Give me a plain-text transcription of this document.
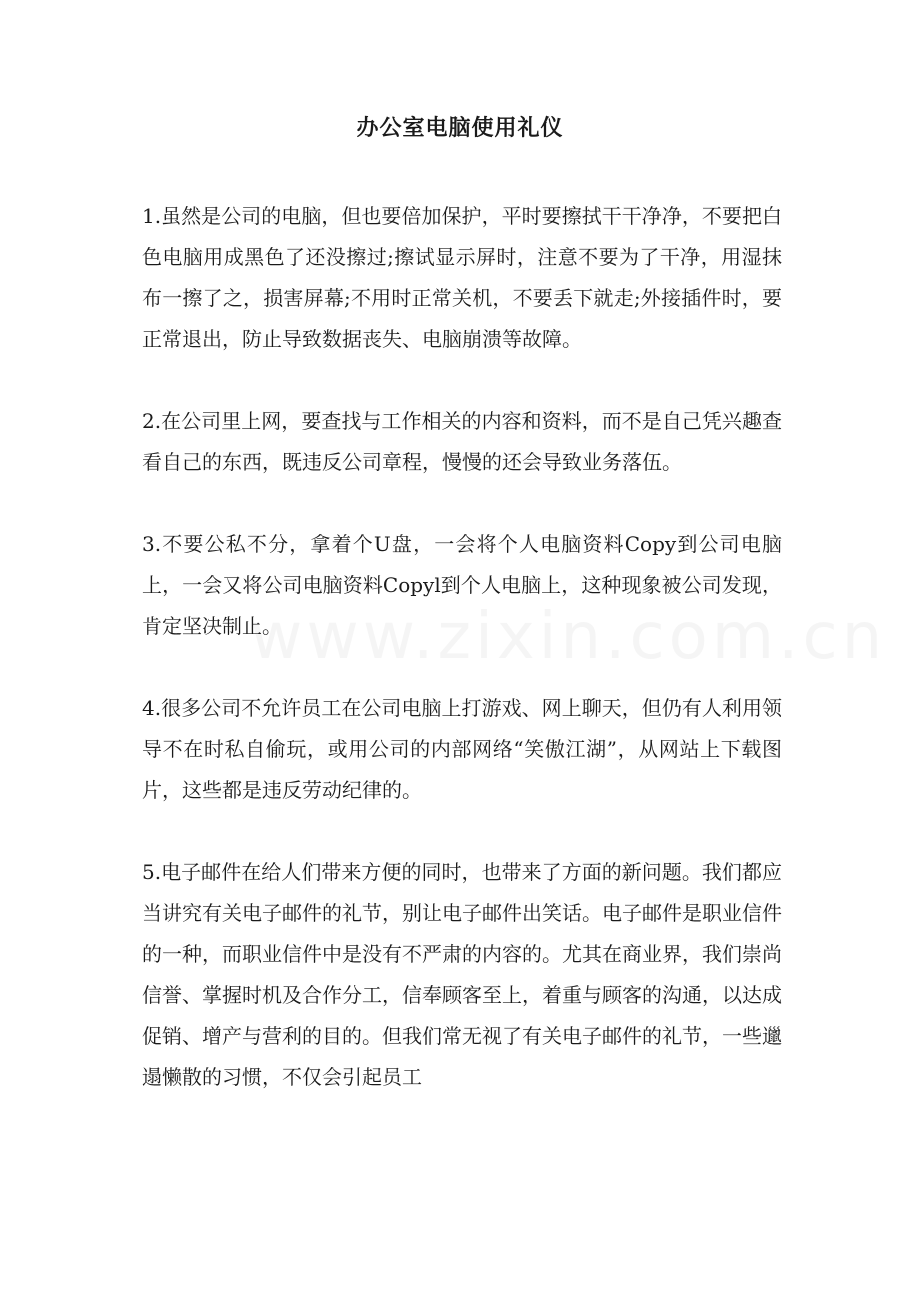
www.zixin.com.cn
办公室电脑使用礼仪

1.虽然是公司的电脑，但也要倍加保护，平时要擦拭干干净净，不要把白色电脑用成黑色了还没擦过;擦试显示屏时，注意不要为了干净，用湿抹布一擦了之，损害屏幕;不用时正常关机，不要丢下就走;外接插件时，要正常退出，防止导致数据丧失、电脑崩溃等故障。

2.在公司里上网，要查找与工作相关的内容和资料，而不是自己凭兴趣查看自己的东西，既违反公司章程，慢慢的还会导致业务落伍。

3.不要公私不分，拿着个U盘，一会将个人电脑资料Copy到公司电脑上，一会又将公司电脑资料Copyl到个人电脑上，这种现象被公司发现，肯定坚决制止。

4.很多公司不允许员工在公司电脑上打游戏、网上聊天，但仍有人利用领导不在时私自偷玩，或用公司的内部网络“笑傲江湖”，从网站上下载图片，这些都是违反劳动纪律的。

5.电子邮件在给人们带来方便的同时，也带来了方面的新问题。我们都应当讲究有关电子邮件的礼节，别让电子邮件出笑话。电子邮件是职业信件的一种，而职业信件中是没有不严肃的内容的。尤其在商业界，我们崇尚信誉、掌握时机及合作分工，信奉顾客至上，着重与顾客的沟通，以达成促销、增产与营利的目的。但我们常无视了有关电子邮件的礼节，一些邋遢懒散的习惯，不仅会引起员工
